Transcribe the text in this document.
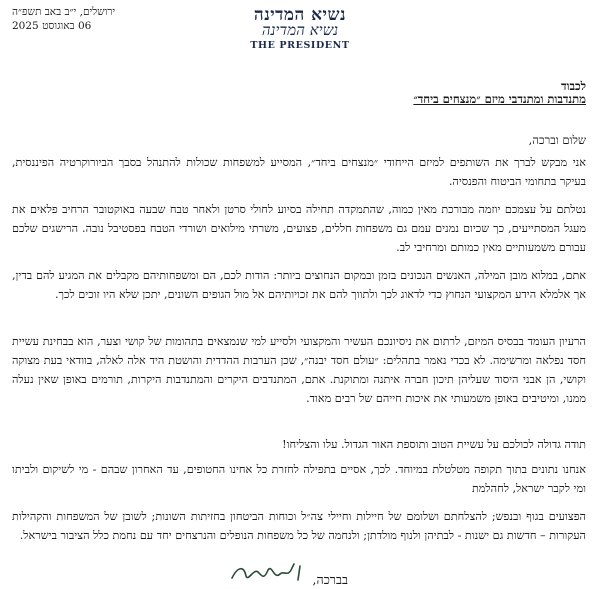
נשיא המדינה
נשיא המדינה
THE PRESIDENT
ירושלים, י״ב באב תשפ״ה
06 באוגוסט 2025
לכבוד
מתנדבות ומתנדבי מיזם ״מנצחים ביחד״
שלום וברכה,

אני מבקש לברך את השותפים למיזם הייחודי ״מנצחים ביחד״, המסייע למשפחות שכולות להתנהל בסבך הביורוקרטיה הפיננסית, בעיקר בתחומי הביטוח והפנסיה.

נטלתם על עצמכם יוזמה מבורכת מאין כמוה, שהתמקדה תחילה בסיוע לחולי סרטן ולאחר טבח שבעה באוקטובר הרחיב פלאים את מעגל המסתייעים, כך שכיום נמנים עמם גם משפחות חללים, פצועים, משרתי מילואים ושורדי הטבח בפסטיבל נובה. הרישגים שלכם עבורם משמעותיים מאין כמותם ומרחיבי לב.

אתם, במלוא מובן המילה, האנשים הנכונים בזמן ובמקום הנחוצים ביותר: הודות לכם, הם ומשפחותיהם מקבלים את המגיע להם בדין, אך אלמלא הידע המקצועי הנחוץ כדי לדאוג לכך ולתווך להם את זכויותיהם אל מול הגופים השונים, יתכן שלא היו זוכים לכך.

הרעיון העומד בבסיס המיזם, לרתום את ניסיונכם העשיר והמקצועי ולסייע למי שנמצאים בתהומות של קושי וצער, הוא בבחינת עשיית חסד נפלאה ומרשימה. לא בכדי נאמר בתהלים: ״עולם חסד יבנה״, שכן הערבות ההדדית והושטת היד אלה לאלה, בוודאי בעת מצוקה וקושי, הן אבני היסוד שעליהן תיכון חברה איתנה ומתוקנת. אתם, המתנדבים היקרים והמתנדבות היקרות, תורמים באופן שאין נעלה ממנו, ומיטיבים באופן משמעותי את איכות חייהם של רבים מאוד.

תודה גדולה לכולכם על עשיית הטוב ותוספת האור הגדול. עלו והצליחו!

אנחנו נתונים בתוך תקופה מטלטלת במיוחד. לכך, אסיים בתפילה לחזרת כל אחינו החטופים, עד האחרון שבהם - מי לשיקום ולביתו ומי לקבר ישראל, לחהלמת

הפצועים בגוף ובנפש; להצלחתם ושלומם של חיילות וחיילי צה״ל וכוחות הביטחון בחזיתות השונות; לשובן של המשפחות והקהילות העקורות – חדשות גם ישנות - לבתיהן ולנוף מולדתן; ולנחמה של כל משפחות הנופלים והנרצחים יחד עם נחמת כלל הציבור בישראל.

בברכה,
